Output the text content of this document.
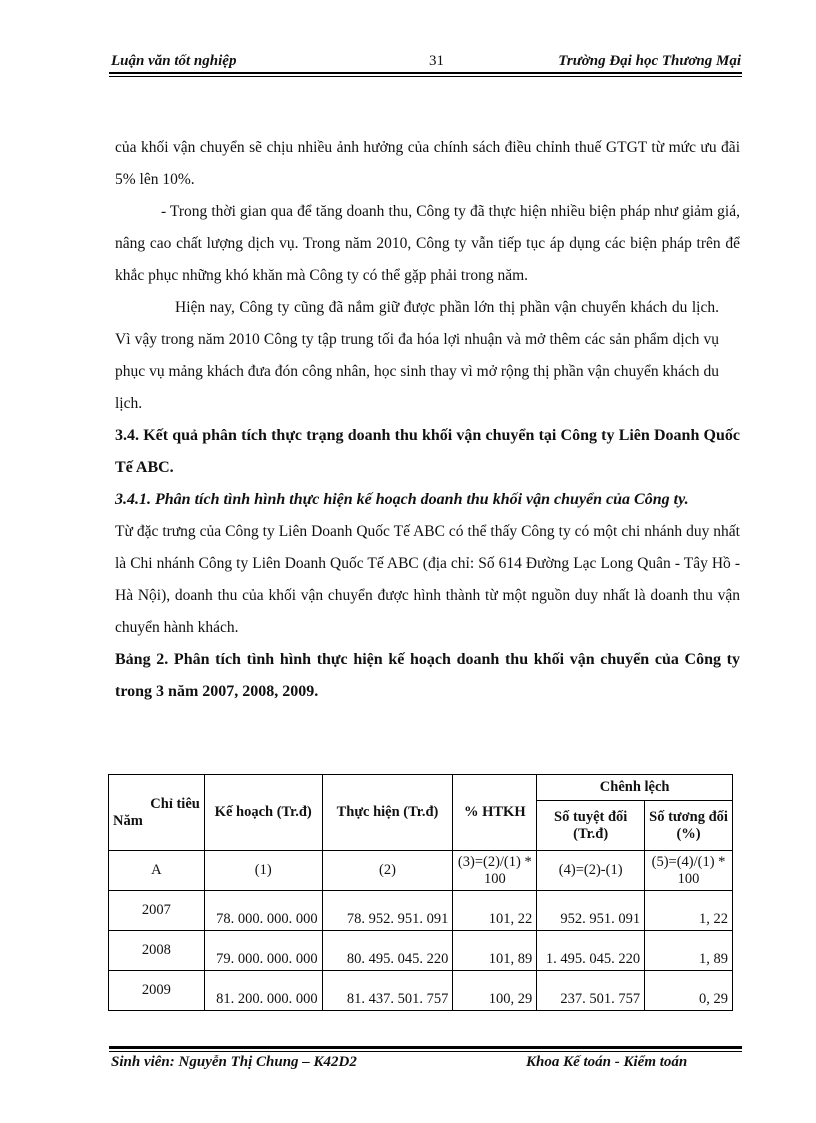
Luận văn tốt nghiệp	31	Trường Đại học Thương Mại

của khối vận chuyển sẽ chịu nhiều ảnh hưởng của chính sách điều chỉnh thuế GTGT từ mức ưu đãi 5% lên 10%.

- Trong thời gian qua để tăng doanh thu, Công ty đã thực hiện nhiều biện pháp như giảm giá, nâng cao chất lượng dịch vụ. Trong năm 2010, Công ty vẫn tiếp tục áp dụng các biện pháp trên để khắc phục những khó khăn mà Công ty có thể gặp phải trong năm.

Hiện nay, Công ty cũng đã nắm giữ được phần lớn thị phần vận chuyển khách du lịch. Vì vậy trong năm 2010 Công ty tập trung tối đa hóa lợi nhuận và mở thêm các sản phẩm dịch vụ phục vụ mảng khách đưa đón công nhân, học sinh thay vì mở rộng thị phần vận chuyển khách du lịch.

3.4. Kết quả phân tích thực trạng doanh thu khối vận chuyển tại Công ty Liên Doanh Quốc Tế ABC.

3.4.1. Phân tích tình hình thực hiện kế hoạch doanh thu khối vận chuyển của Công ty.

Từ đặc trưng của Công ty Liên Doanh Quốc Tế ABC có thể thấy Công ty có một chi nhánh duy nhất là Chi nhánh Công ty Liên Doanh Quốc Tế ABC (địa chỉ: Số 614 Đường Lạc Long Quân - Tây Hồ - Hà Nội), doanh thu của khối vận chuyển được hình thành từ một nguồn duy nhất là doanh thu vận chuyển hành khách.

Bảng 2. Phân tích tình hình thực hiện kế hoạch doanh thu khối vận chuyển của Công ty trong 3 năm 2007, 2008, 2009.

Chỉ tiêu
Năm	Kế hoạch (Tr.đ)	Thực hiện (Tr.đ)	% HTKH	Chênh lệch	
				Số tuyệt đối (Tr.đ)	Số tương đối (%)
A	(1)	(2)	(3)=(2)/(1) * 100	(4)=(2)-(1)	(5)=(4)/(1) * 100
2007	78. 000. 000. 000	78. 952. 951. 091	101, 22	952. 951. 091	1, 22
2008	79. 000. 000. 000	80. 495. 045. 220	101, 89	1. 495. 045. 220	1, 89
2009	81. 200. 000. 000	81. 437. 501. 757	100, 29	237. 501. 757	0, 29
Sinh viên: Nguyễn Thị Chung – K42D2	Khoa Kế toán - Kiểm toán
